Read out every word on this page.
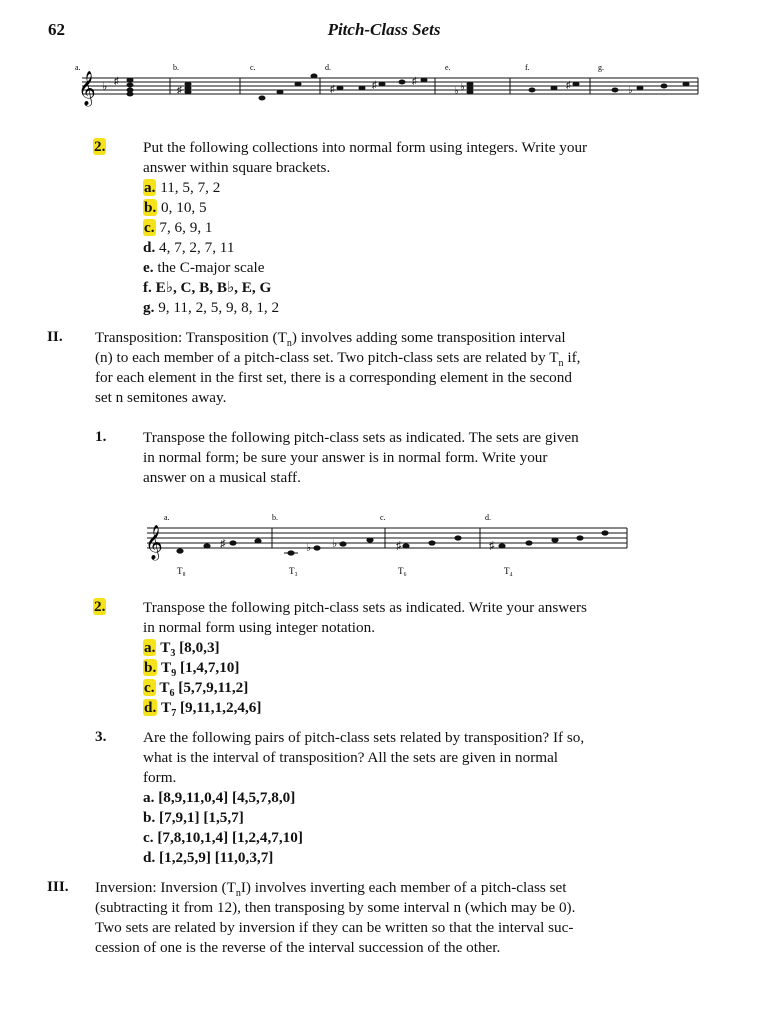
62	Pitch-Class Sets
𝄞 ♭ ♯
a.	b.	c.	d.	e.	f.	g.
♯	♯	♯	♯
♭ ♭	♯	♭
2. Put the following collections into normal form using integers. Write your
answer within square brackets.
a. 11, 5, 7, 2
b. 0, 10, 5
c. 7, 6, 9, 1
d. 4, 7, 2, 7, 11
e. the C-major scale
f. E♭, C, B, B♭, E, G
g. 9, 11, 2, 5, 9, 8, 1, 2
II. Transposition: Transposition $(T_n)$ involves adding some transposition interval
(n) to each member of a pitch-class set. Two pitch-class sets are related by $T_n$ if,
for each element in the first set, there is a corresponding element in the second
set n semitones away.
1. Transpose the following pitch-class sets as indicated. The sets are given
in normal form; be sure your answer is in normal form. Write your
answer on a musical staff.
𝄞
a.	b.	c.	d.
♯	♭ ♭	♯	♯
T₈	T₃	T₆	T₄
2. Transpose the following pitch-class sets as indicated. Write your answers
in normal form using integer notation.
a. $T_3$ [8,0,3]
b. $T_9$ [1,4,7,10]
c. $T_6$ [5,7,9,11,2]
d. $T_7$ [9,11,1,2,4,6]
3. Are the following pairs of pitch-class sets related by transposition? If so,
what is the interval of transposition? All the sets are given in normal
form.
a. [8,9,11,0,4] [4,5,7,8,0]
b. [7,9,1] [1,5,7]
c. [7,8,10,1,4] [1,2,4,7,10]
d. [1,2,5,9] [11,0,3,7]
III. Inversion: Inversion $(T_nI)$ involves inverting each member of a pitch-class set
(subtracting it from 12), then transposing by some interval n (which may be 0).
Two sets are related by inversion if they can be written so that the interval suc-
cession of one is the reverse of the interval succession of the other.
